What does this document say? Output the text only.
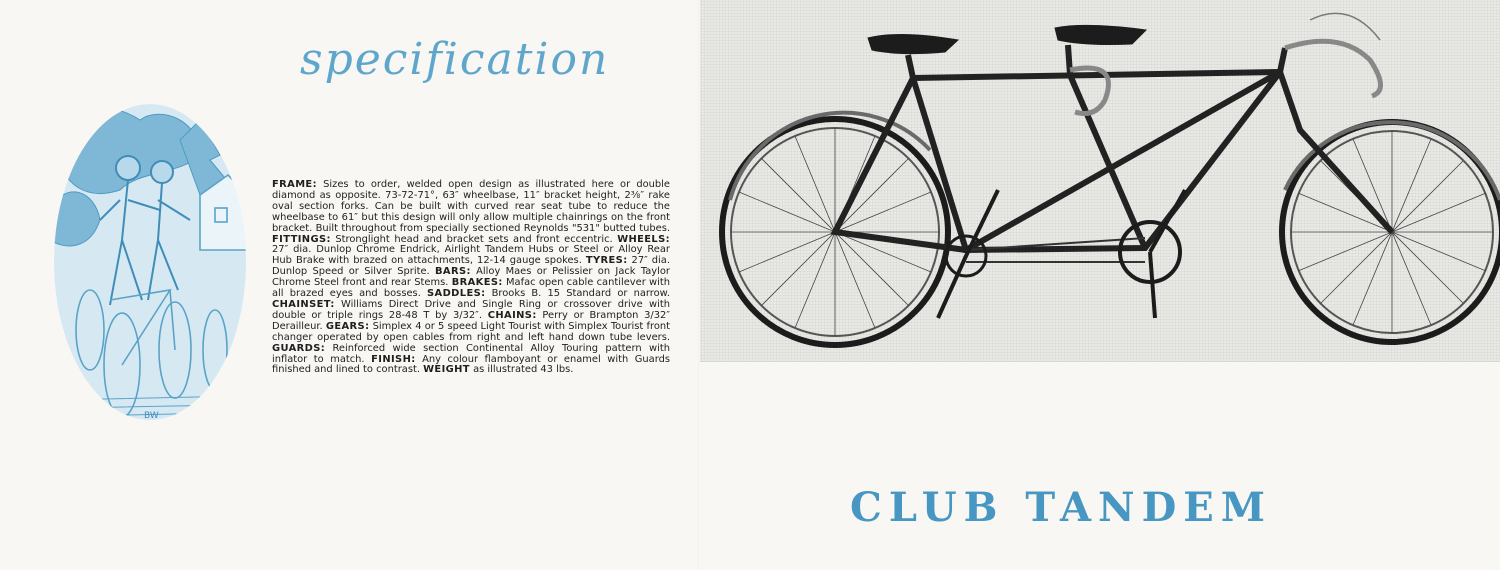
specification
BW
FRAME: Sizes to order, welded open design as illustrated here or double diamond as opposite. 73-72-71°, 63″ wheelbase, 11″ bracket height, 2⅜″ rake oval section forks. Can be built with curved rear seat tube to reduce the wheelbase to 61″ but this design will only allow multiple chainrings on the front bracket. Built throughout from specially sectioned Reynolds "531" butted tubes. FITTINGS: Stronglight head and bracket sets and front eccentric. WHEELS: 27″ dia. Dunlop Chrome Endrick, Airlight Tandem Hubs or Steel or Alloy Rear Hub Brake with brazed on attachments, 12-14 gauge spokes. TYRES: 27″ dia. Dunlop Speed or Silver Sprite. BARS: Alloy Maes or Pelissier on Jack Taylor Chrome Steel front and rear Stems. BRAKES: Mafac open cable cantilever with all brazed eyes and bosses. SADDLES: Brooks B. 15 Standard or narrow. CHAINSET: Williams Direct Drive and Single Ring or crossover drive with double or triple rings 28-48 T by 3/32″. CHAINS: Perry or Brampton 3/32″ Derailleur. GEARS: Simplex 4 or 5 speed Light Tourist with Simplex Tourist front changer operated by open cables from right and left hand down tube levers. GUARDS: Reinforced wide section Continental Alloy Touring pattern with inflator to match. FINISH: Any colour flamboyant or enamel with Guards finished and lined to contrast. WEIGHT as illustrated 43 lbs.
CLUB TANDEM
